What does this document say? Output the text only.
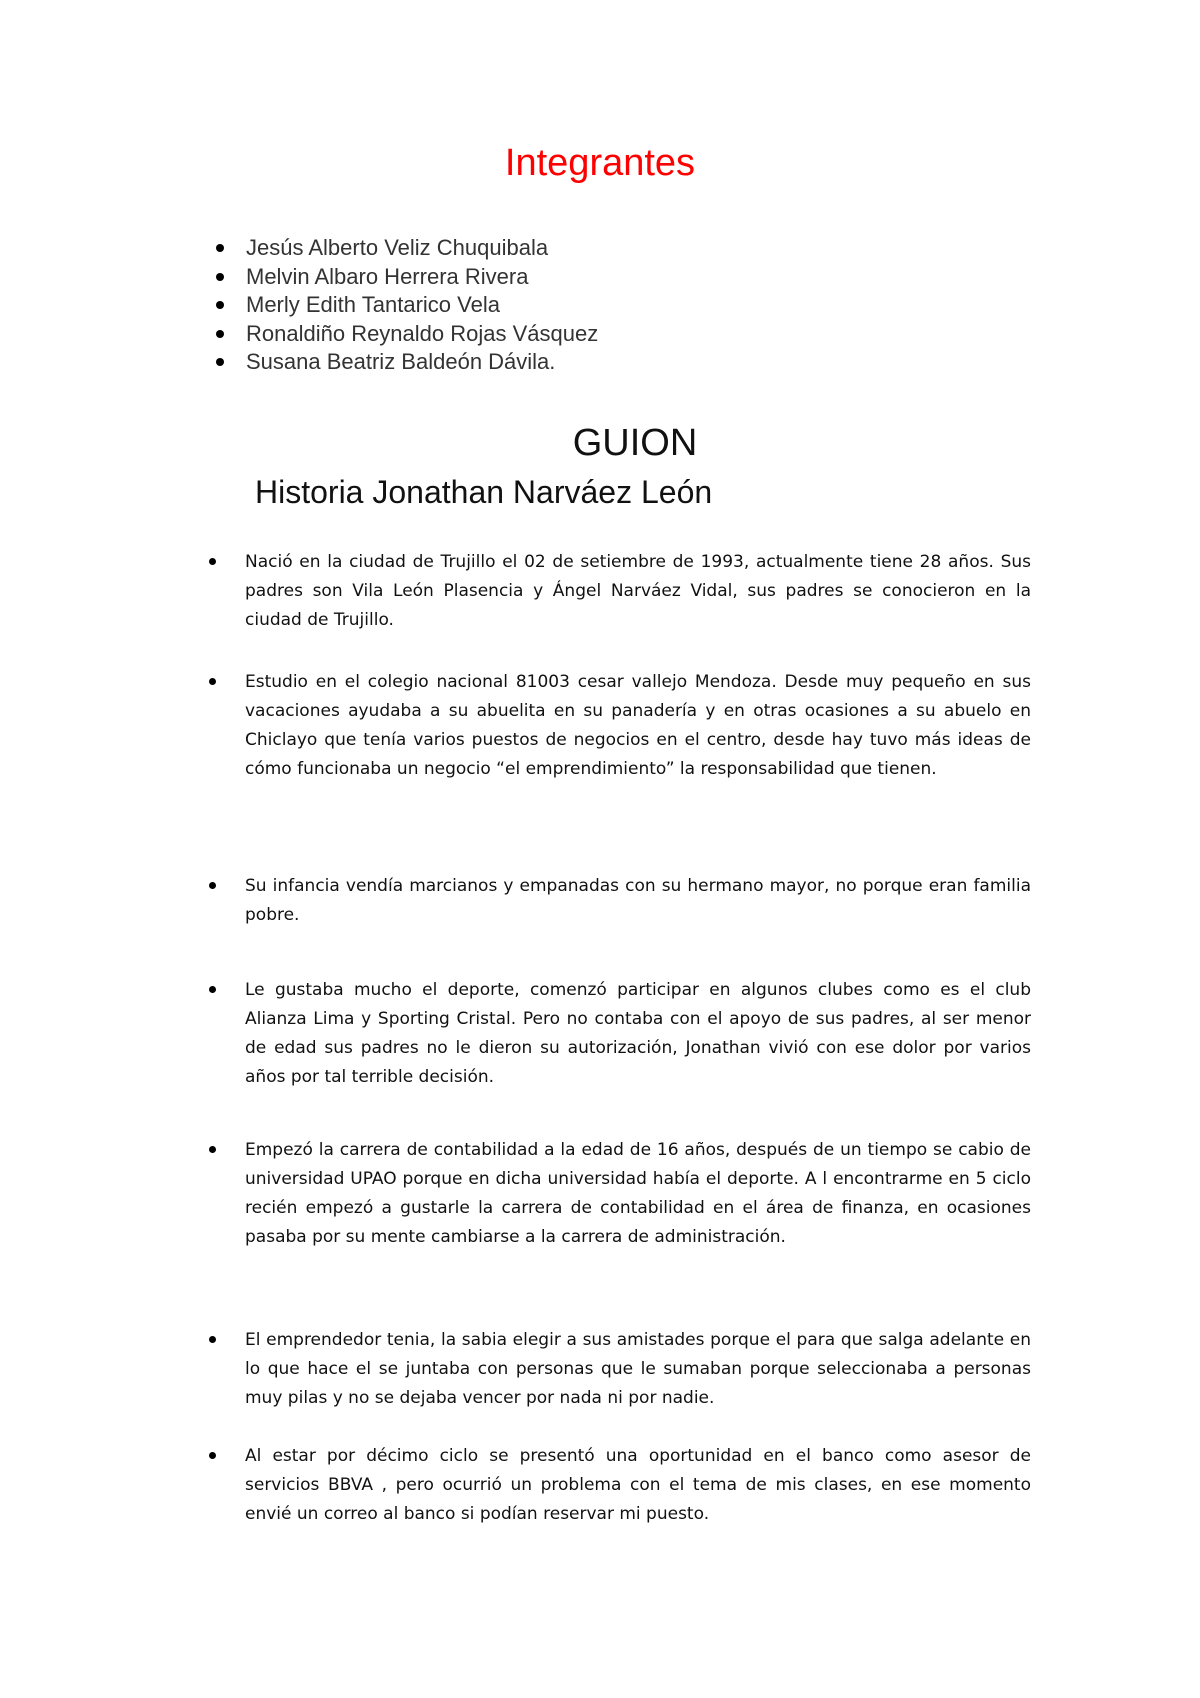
Integrantes
Jesús Alberto Veliz Chuquibala
Melvin Albaro Herrera Rivera
Merly Edith Tantarico Vela
Ronaldiño Reynaldo Rojas Vásquez
Susana Beatriz Baldeón Dávila.
GUION
Historia Jonathan Narváez León
Nació en la ciudad de Trujillo el 02 de setiembre de 1993, actualmente tiene 28 años. Sus padres son Vila León Plasencia y Ángel Narváez Vidal, sus padres se conocieron en la ciudad de Trujillo.
Estudio en el colegio nacional 81003 cesar vallejo Mendoza. Desde muy pequeño en sus vacaciones ayudaba a su abuelita en su panadería y en otras ocasiones a su abuelo en Chiclayo que tenía varios puestos de negocios en el centro, desde hay tuvo más ideas de cómo funcionaba un negocio “el emprendimiento” la responsabilidad que tienen.
Su infancia vendía marcianos y empanadas con su hermano mayor, no porque eran familia pobre.
Le gustaba mucho el deporte, comenzó participar en algunos clubes como es el club Alianza Lima y Sporting Cristal. Pero no contaba con el apoyo de sus padres, al ser menor de edad sus padres no le dieron su autorización, Jonathan vivió con ese dolor por varios años por tal terrible decisión.
Empezó la carrera de contabilidad a la edad de 16 años, después de un tiempo se cabio de universidad UPAO porque en dicha universidad había el deporte. A l encontrarme en 5 ciclo recién empezó a gustarle la carrera de contabilidad en el área de finanza, en ocasiones pasaba por su mente cambiarse a la carrera de administración.
El emprendedor tenia, la sabia elegir a sus amistades porque el para que salga adelante en lo que hace el se juntaba con personas que le sumaban porque seleccionaba a personas muy pilas y no se dejaba vencer por nada ni por nadie.
Al estar por décimo ciclo se presentó una oportunidad en el banco como asesor de servicios BBVA , pero ocurrió un problema con el tema de mis clases, en ese momento envié un correo al banco si podían reservar mi puesto.
